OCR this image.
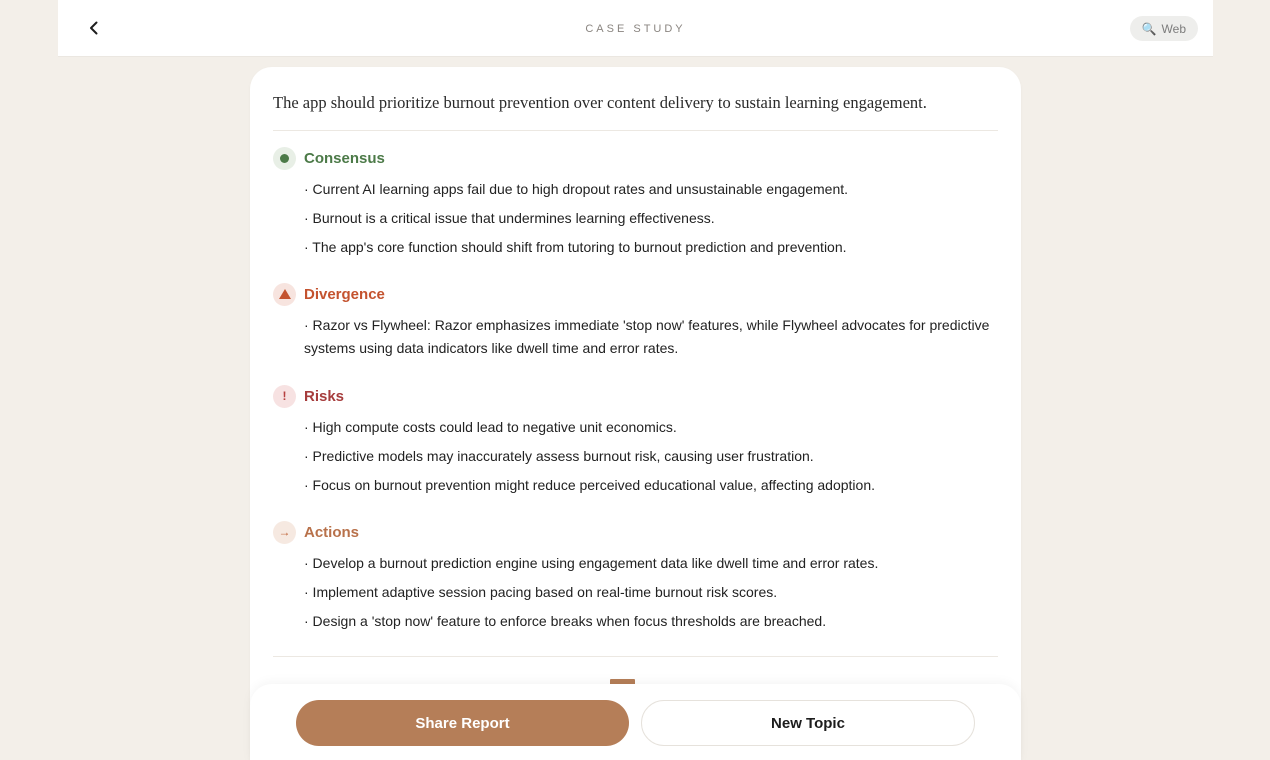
CASE STUDY	🔍 Web
The app should prioritize burnout prevention over content delivery to sustain learning engagement.
Consensus
· Current AI learning apps fail due to high dropout rates and unsustainable engagement.
· Burnout is a critical issue that undermines learning effectiveness.
· The app's core function should shift from tutoring to burnout prediction and prevention.
Divergence
· Razor vs Flywheel: Razor emphasizes immediate 'stop now' features, while Flywheel advocates for predictive systems using data indicators like dwell time and error rates.
!	Risks
· High compute costs could lead to negative unit economics.
· Predictive models may inaccurately assess burnout risk, causing user frustration.
· Focus on burnout prevention might reduce perceived educational value, affecting adoption.
→ Actions
· Develop a burnout prediction engine using engagement data like dwell time and error rates.
· Implement adaptive session pacing based on real-time burnout risk scores.
· Design a 'stop now' feature to enforce breaks when focus thresholds are breached.
Share Report	New Topic
